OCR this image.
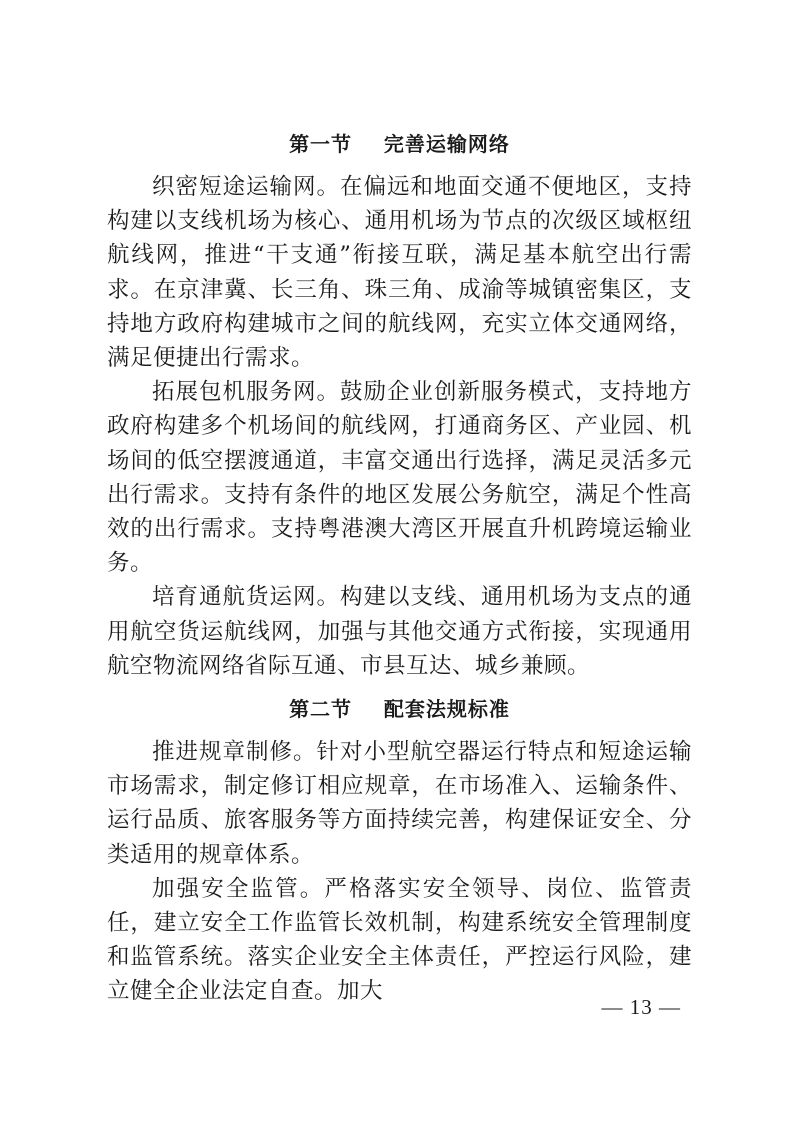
第一节    完善运输网络

织密短途运输网。在偏远和地面交通不便地区，支持构建以支线机场为核心、通用机场为节点的次级区域枢纽航线网，推进“干支通”衔接互联，满足基本航空出行需求。在京津冀、长三角、珠三角、成渝等城镇密集区，支持地方政府构建城市之间的航线网，充实立体交通网络，满足便捷出行需求。

拓展包机服务网。鼓励企业创新服务模式，支持地方政府构建多个机场间的航线网，打通商务区、产业园、机场间的低空摆渡通道，丰富交通出行选择，满足灵活多元出行需求。支持有条件的地区发展公务航空，满足个性高效的出行需求。支持粤港澳大湾区开展直升机跨境运输业务。

培育通航货运网。构建以支线、通用机场为支点的通用航空货运航线网，加强与其他交通方式衔接，实现通用航空物流网络省际互通、市县互达、城乡兼顾。

第二节    配套法规标准

推进规章制修。针对小型航空器运行特点和短途运输市场需求，制定修订相应规章，在市场准入、运输条件、运行品质、旅客服务等方面持续完善，构建保证安全、分类适用的规章体系。

加强安全监管。严格落实安全领导、岗位、监管责任，建立安全工作监管长效机制，构建系统安全管理制度和监管系统。落实企业安全主体责任，严控运行风险，建立健全企业法定自查。加大

— 13 —
